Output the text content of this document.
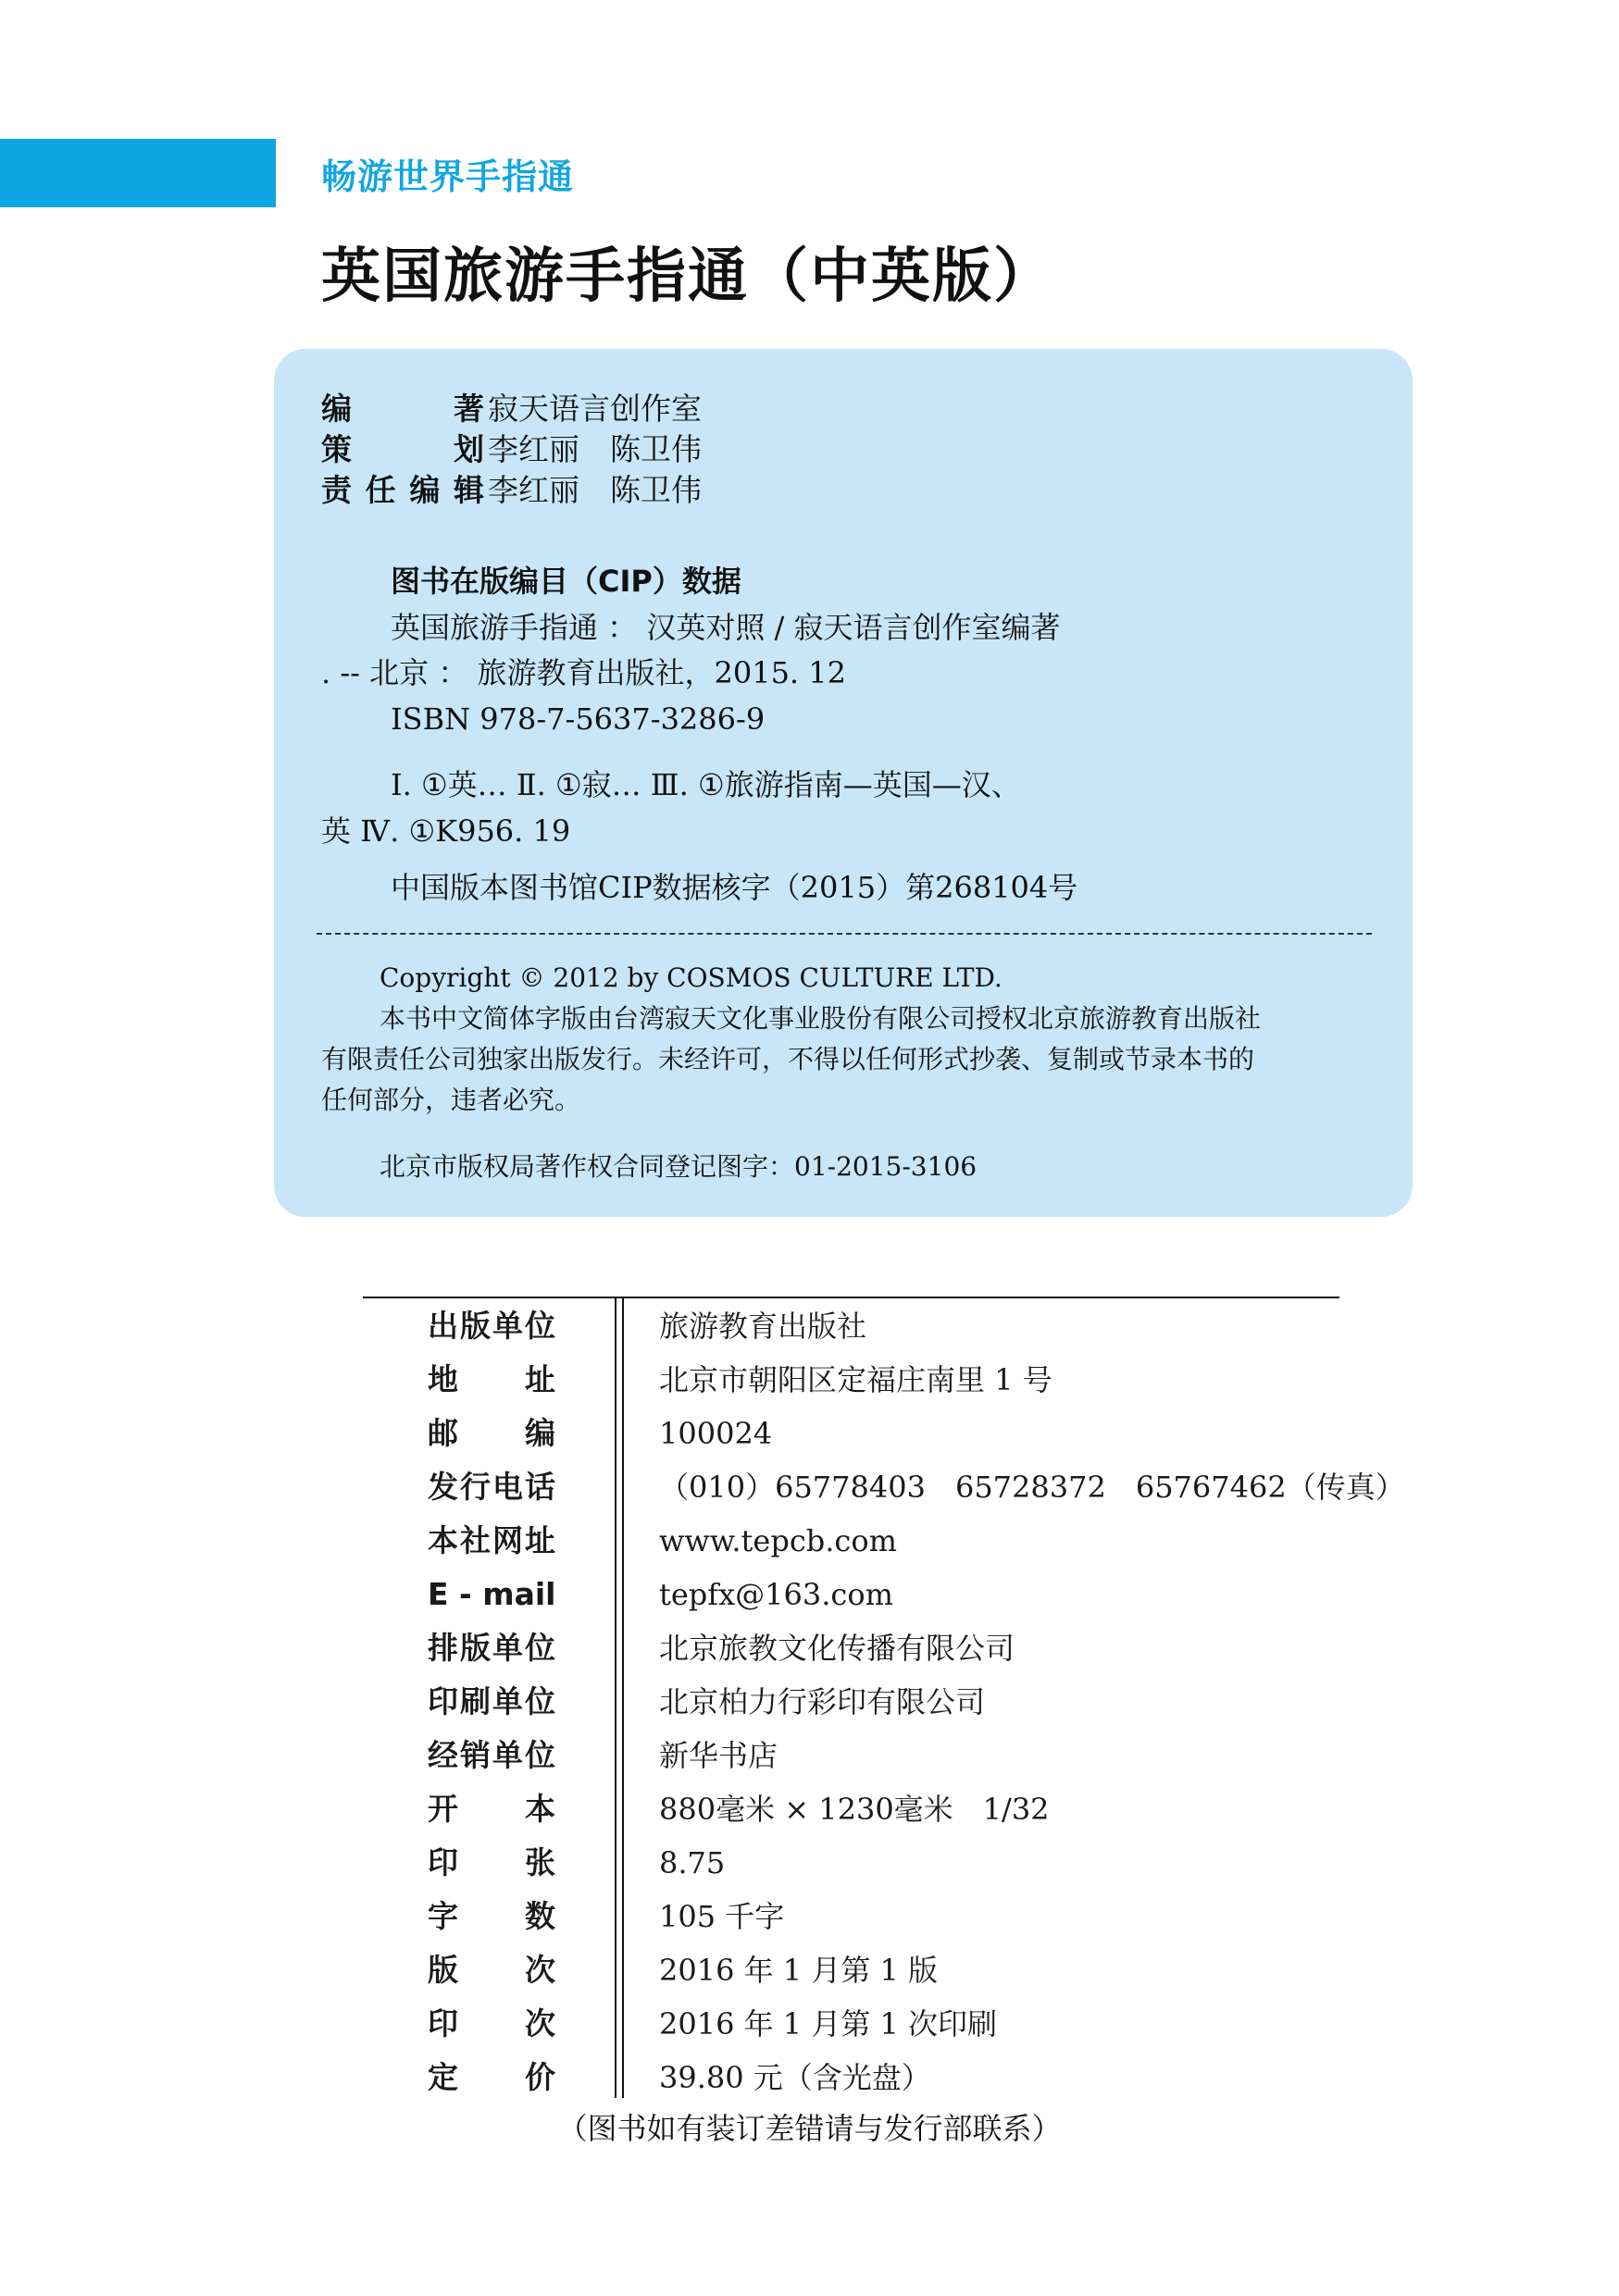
畅游世界手指通
英国旅游手指通（中英版）
编　著 寂天语言创作室
策　划 李红丽　陈卫伟
责任编辑 李红丽　陈卫伟
图书在版编目（CIP）数据
英国旅游手指通 ： 汉英对照 / 寂天语言创作室编著
. -- 北京 ： 旅游教育出版社，2015. 12
ISBN 978-7-5637-3286-9
Ⅰ. ①英… Ⅱ. ①寂… Ⅲ. ①旅游指南—英国—汉、
英 Ⅳ. ①K956. 19
中国版本图书馆CIP数据核字（2015）第268104号
Copyright © 2012 by COSMOS CULTURE LTD.
本书中文简体字版由台湾寂天文化事业股份有限公司授权北京旅游教育出版社
有限责任公司独家出版发行。未经许可，不得以任何形式抄袭、复制或节录本书的
任何部分，违者必究。
北京市版权局著作权合同登记图字：01-2015-3106
出版单位	旅游教育出版社
地　址	北京市朝阳区定福庄南里 1 号
邮　编	100024
发行电话	（010）65778403　65728372　65767462（传真）
本社网址	www.tepcb.com
E - mail	tepfx@163.com
排版单位	北京旅教文化传播有限公司
印刷单位	北京柏力行彩印有限公司
经销单位	新华书店
开　本	880毫米 × 1230毫米　1/32
印　张	8.75
字　数	105 千字
版　次	2016 年 1 月第 1 版
印　次	2016 年 1 月第 1 次印刷
定　价	39.80 元（含光盘）
（图书如有装订差错请与发行部联系）
